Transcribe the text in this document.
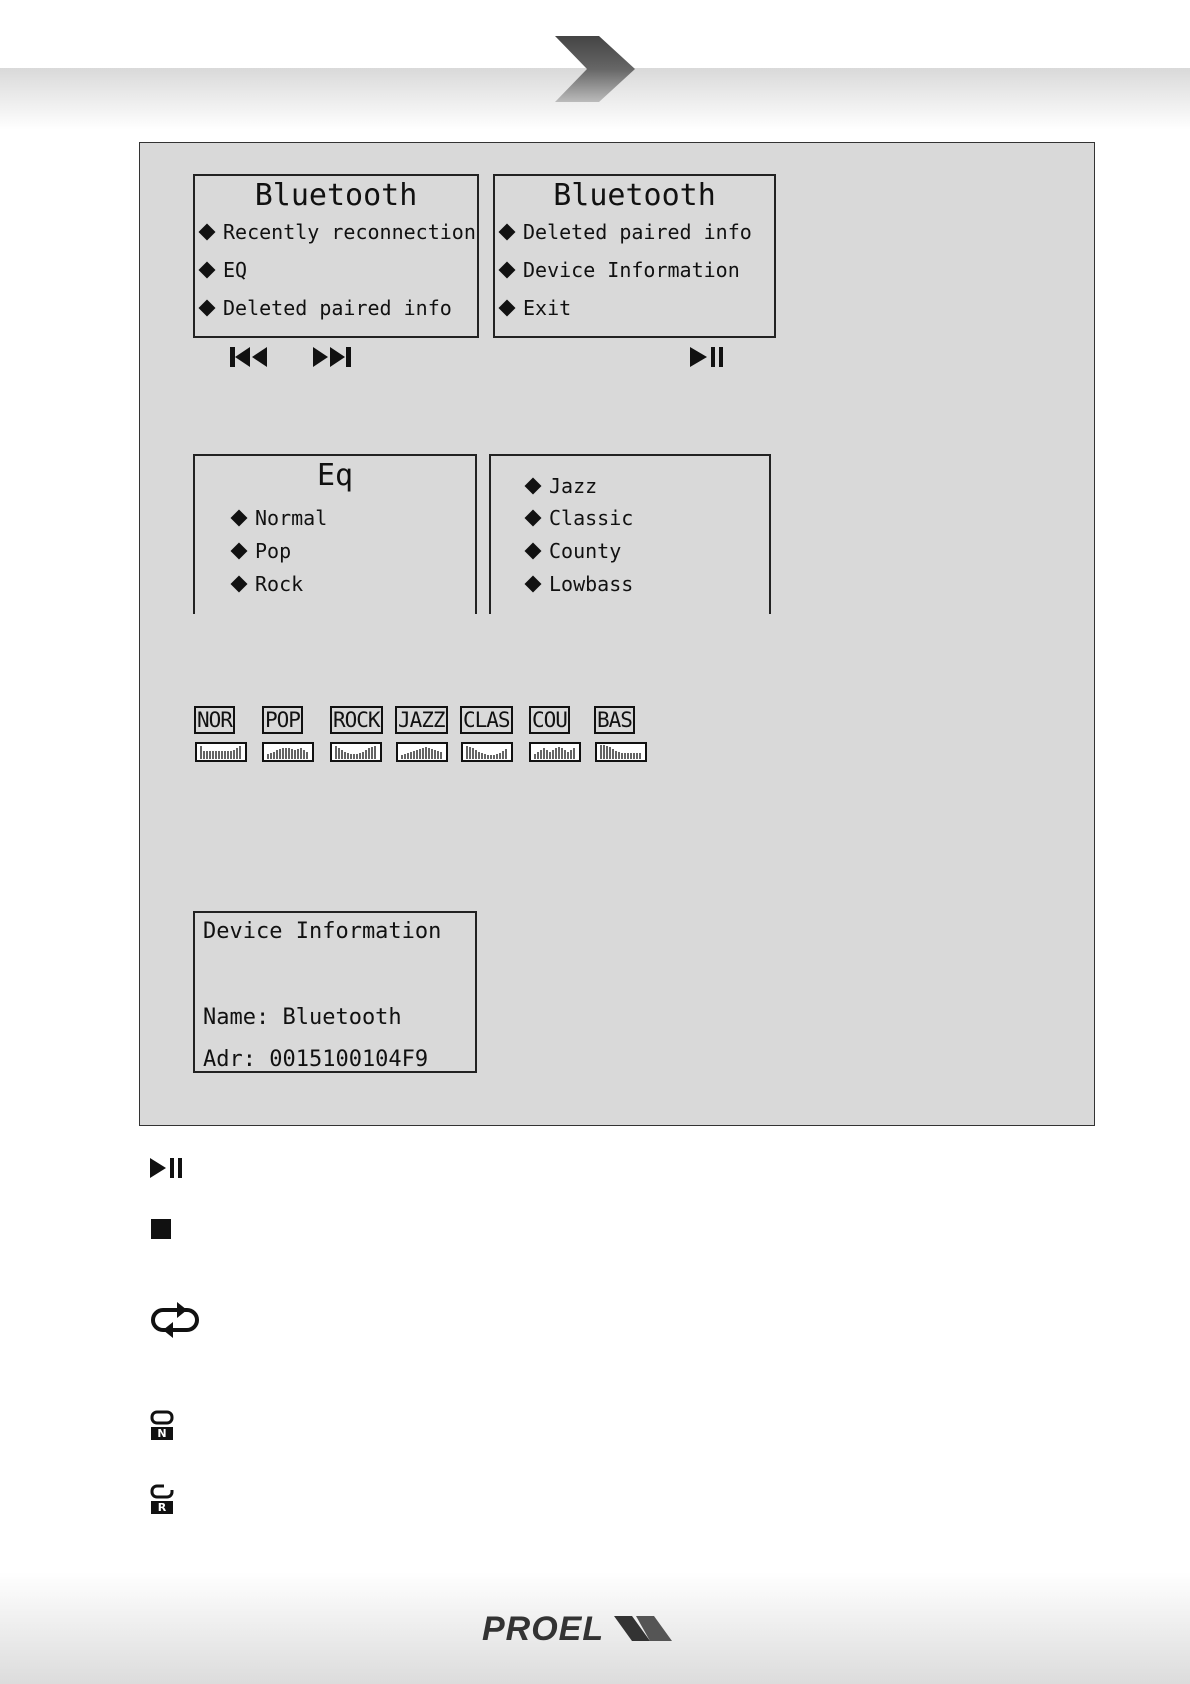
Bluetooth
Recently reconnection
EQ
Deleted paired info
Bluetooth
Deleted paired info
Device Information
Exit
Eq
Normal
Pop
Rock
Jazz
Classic
County
Lowbass
NOR POP ROCK JAZZ CLAS COU BAS
Device Information
Name: Bluetooth
Adr: 0015100104F9
N
R
PROEL
